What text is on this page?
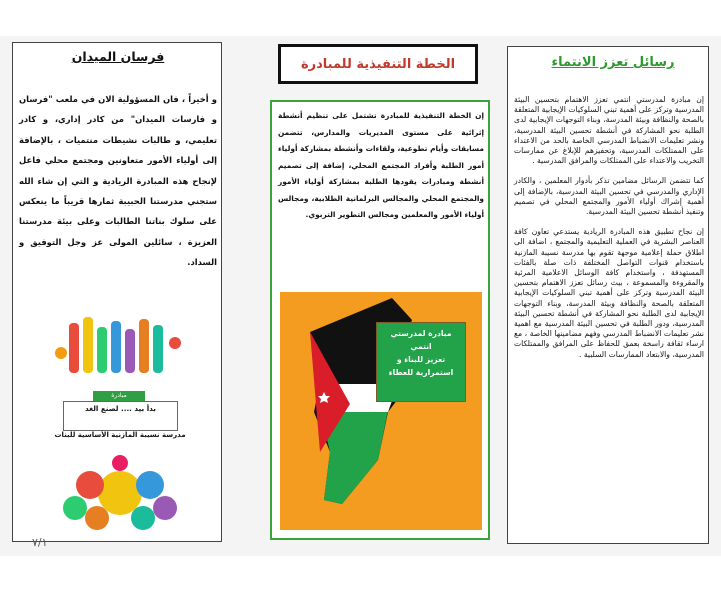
رسائل تعزز الانتماء

إن مبادرة لمدرستي انتمي تعزز الاهتمام بتحسين البيئة المدرسية وتركز على أهمية تبني السلوكيات الإيجابية المتعلقة بالصحة والنظافة وبيئة المدرسة، وبناء التوجهات الإيجابية لدى الطلبة نحو المشاركة في أنشطة تحسين البيئة المدرسية، ونشر تعليمات الانضباط المدرسي الخاصة بالحد من الاعتداء على الممتلكات المدرسية، وتحفيزهم للإبلاغ عن ممارسات التخريب والاعتداء على الممتلكات والمرافق المدرسية .

كما تتضمن الرسائل مضامين تذكر بأدوار المعلمين ، والكادر الإداري والمدرسي في تحسين البيئة المدرسية، بالإضافة إلى أهمية إشراك أولياء الأمور والمجتمع المحلي في تصميم وتنفيذ أنشطة تحسين البيئة المدرسية.

إن نجاح تطبيق هذه المبادرة الريادية يستدعي تعاون كافة العناصر البشرية في العملية التعليمية والمجتمع ، اضافة الى اطلاق حملة إعلامية موجهة تقوم بها مدرسة نسيبة المازنية باستخدام قنوات التواصل المختلفة ذات صلة بالفئات المستهدفة ، واستخدام كافة الوسائل الاعلامية المرئية والمقروءة والمسموعة ، بيث رسائل تعزز الاهتمام بتحسين البيئة المدرسية وتركز على أهمية تبني السلوكيات الإيجابية المتعلقة بالصحة والنظافة وبيئة المدرسة، وبناء التوجهات الإيجابية لدى الطلبة نحو المشاركة في أنشطة تحسين البيئة المدرسية، ودور الطلبة في تحسين البيئة المدرسية مع اهمية نشر تعليمات الانضباط المدرسي وفهم مضامينها الخاصة ، مع ارساء ثقافة راسخة بعمق للحفاظ على المرافق والممتلكات المدرسية، والابتعاد الممارسات السلبية .

الخطة التنفيذية للمبادرة
إن الخطة التنفيذية للمبادرة تشتمل على تنظيم أنشطة إثرائية على مستوى المديريات والمدارس، تتضمن مسابقات وأيام تطوعية، ولقاءات وأنشطة بمشاركة أولياء أمور الطلبة وأفراد المجتمع المحلي، إضافة إلى تصميم أنشطة ومبادرات يقودها الطلبة بمشاركة أولياء الأمور والمجتمع المحلي والمجالس البرلمانية الطلابية، ومجالس أولياء الأمور والمعلمين ومجالس التطوير التربوي.
مبادرة لمدرستي
انتمي
تعزيز للبناء و
استمرارية للعطاء
فرسان الميدان
و أخيراً ، فان المسؤولية الان في ملعب "فرسان و فارسات الميدان" من كادر إداري، و كادر تعليمي، و طالبات نشيطات منتميات ، بالإضافة إلى أولياء الأمور متعاونين ومجتمع محلي فاعل لإنجاح هذه المبادرة الريادية و التي إن شاء الله ستجني مدرستنا الحبيبة ثمارها قريباً ما ينعكس على سلوك بناتنا الطالبات وعلى بيئة مدرستنا العزيزة ، سائلين المولى عز وجل التوفيق و السداد.
مبادرة
بدأ بيد .... لصنع الغد
مدرسة نسيبة المازنية الأساسية للبنات
٧/١
